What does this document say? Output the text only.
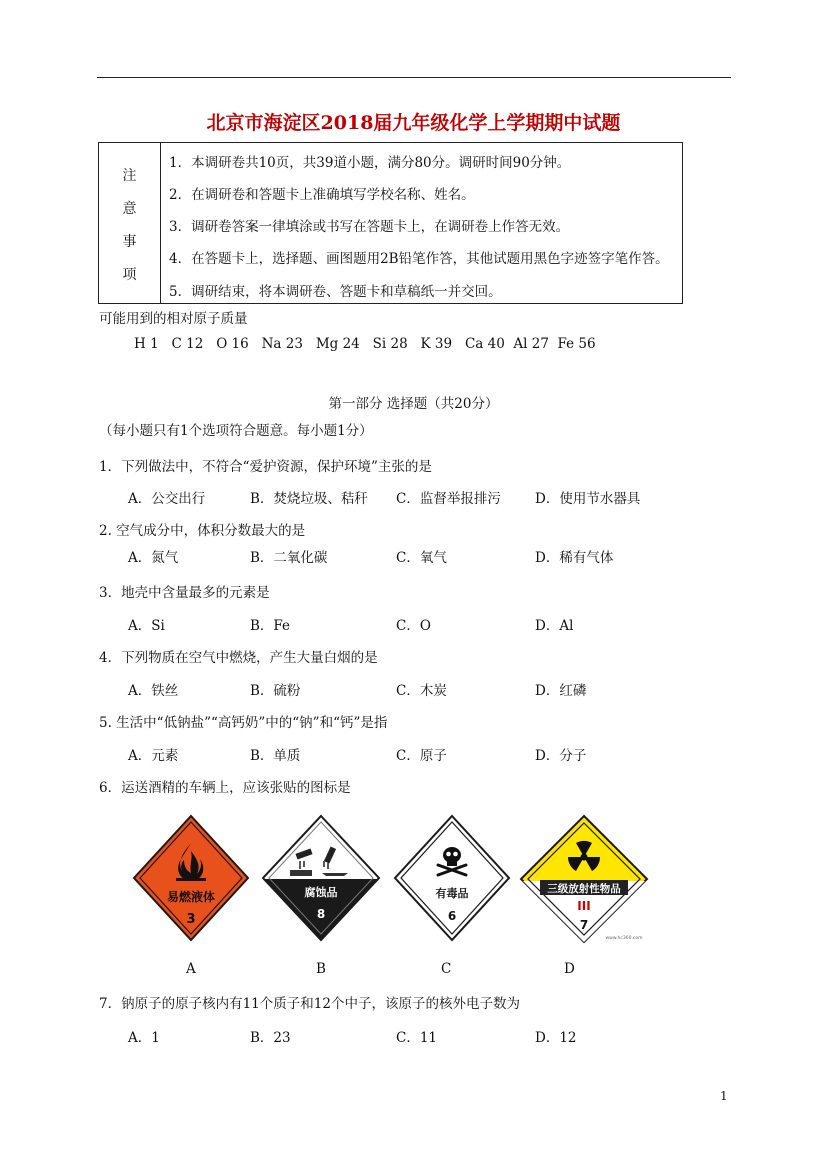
北京市海淀区2018届九年级化学上学期期中试题
注
意
事
项
1．本调研卷共10页，共39道小题，满分80分。调研时间90分钟。
2．在调研卷和答题卡上准确填写学校名称、姓名。
3．调研卷答案一律填涂或书写在答题卡上，在调研卷上作答无效。
4．在答题卡上，选择题、画图题用2B铅笔作答，其他试题用黑色字迹签字笔作答。
5．调研结束，将本调研卷、答题卡和草稿纸一并交回。
可能用到的相对原子质量
H 1   C 12   O 16   Na 23   Mg 24   Si 28   K 39   Ca 40  Al 27  Fe 56
第一部分 选择题（共20分）
（每小题只有1个选项符合题意。每小题1分）
1．下列做法中，不符合“爱护资源，保护环境”主张的是
A．公交出行	B．焚烧垃圾、秸秆 C．监督举报排污	D．使用节水器具
2. 空气成分中，体积分数最大的是
A．氮气	B．二氧化碳	C．氧气	D．稀有气体
3．地壳中含量最多的元素是
A．Si	B．Fe	C．O	D．Al
4．下列物质在空气中燃烧，产生大量白烟的是
A．铁丝	B．硫粉	C．木炭	D．红磷
5. 生活中“低钠盐”“高钙奶”中的“钠”和“钙”是指
A．元素	B．单质	C．原子	D．分子
6．运送酒精的车辆上，应该张贴的图标是
易燃液体
3
腐蚀品
8
有毒品
6
三级放射性物品
III
7
www.hc360.com
A	B	C	D
7．钠原子的原子核内有11个质子和12个中子，该原子的核外电子数为
A．1	B．23	C．11	D．12
1
